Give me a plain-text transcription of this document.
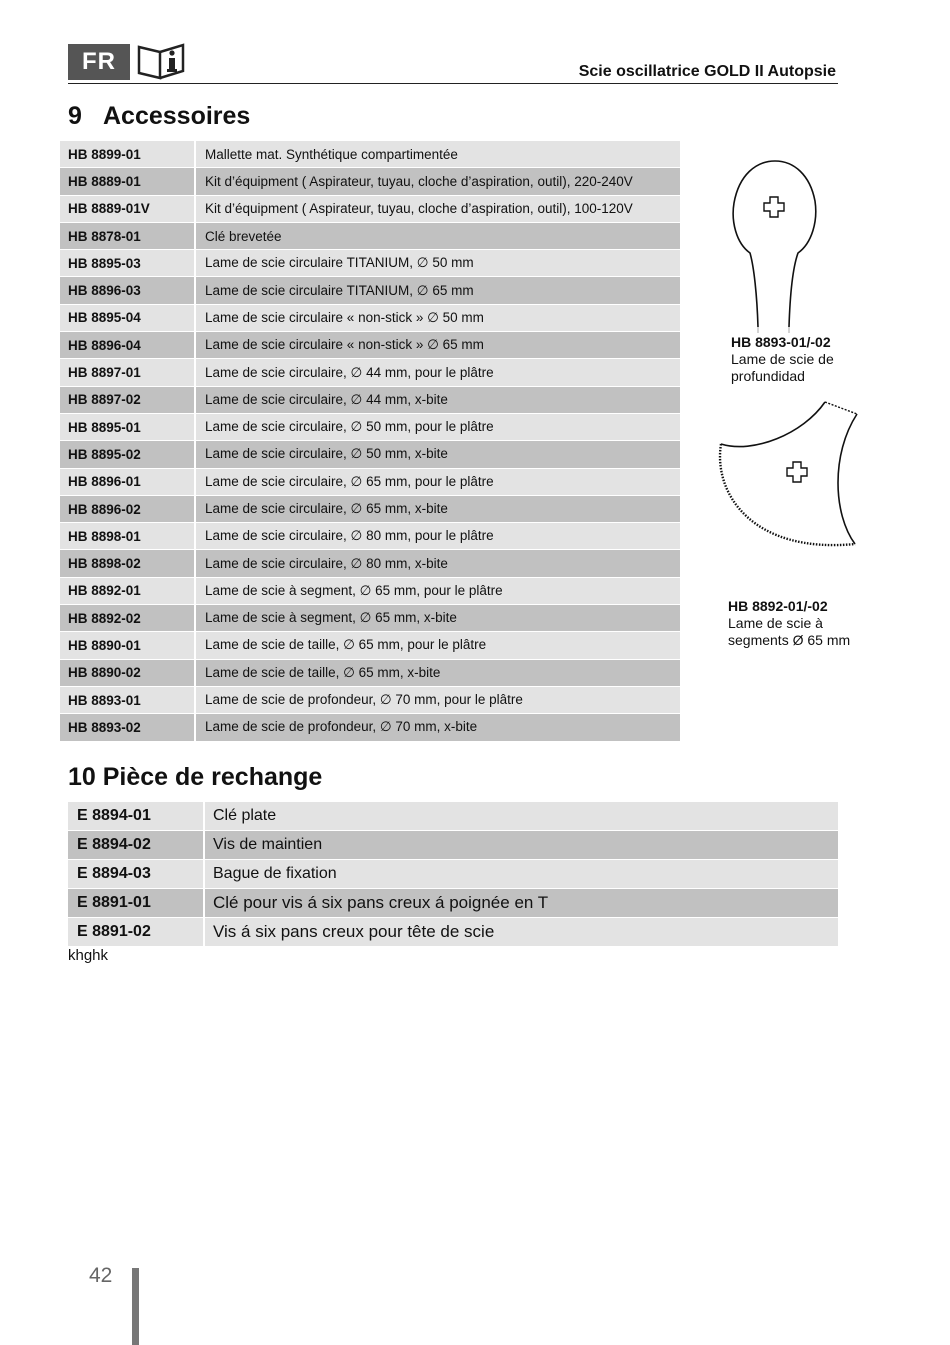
FR	Scie oscillatrice GOLD II Autopsie
9 Accessoires
HB 8899-01	Mallette mat. Synthétique compartimentée
HB 8889-01	Kit d’équipment ( Aspirateur, tuyau, cloche d’aspiration, outil), 220-240V
HB 8889-01V	Kit d’équipment ( Aspirateur, tuyau, cloche d’aspiration, outil), 100-120V
HB 8878-01	Clé brevetée
HB 8895-03	Lame de scie circulaire TITANIUM, ∅ 50 mm
HB 8896-03	Lame de scie circulaire TITANIUM, ∅ 65 mm
HB 8895-04	Lame de scie circulaire « non-stick » ∅ 50 mm
HB 8896-04	Lame de scie circulaire « non-stick » ∅ 65 mm
HB 8897-01	Lame de scie circulaire, ∅ 44 mm, pour le plâtre
HB 8897-02	Lame de scie circulaire, ∅ 44 mm, x-bite
HB 8895-01	Lame de scie circulaire, ∅ 50 mm, pour le plâtre
HB 8895-02	Lame de scie circulaire, ∅ 50 mm, x-bite
HB 8896-01	Lame de scie circulaire, ∅ 65 mm, pour le plâtre
HB 8896-02	Lame de scie circulaire, ∅ 65 mm, x-bite
HB 8898-01	Lame de scie circulaire, ∅ 80 mm, pour le plâtre
HB 8898-02	Lame de scie circulaire, ∅ 80 mm, x-bite
HB 8892-01	Lame de scie à segment, ∅ 65 mm, pour le plâtre
HB 8892-02	Lame de scie à segment, ∅ 65 mm, x-bite
HB 8890-01	Lame de scie de taille, ∅ 65 mm, pour le plâtre
HB 8890-02	Lame de scie de taille, ∅ 65 mm, x-bite
HB 8893-01	Lame de scie de profondeur, ∅ 70 mm, pour le plâtre
HB 8893-02	Lame de scie de profondeur, ∅ 70 mm, x-bite
HB 8893-01/-02
Lame de scie de
profundidad
HB 8892-01/-02
Lame de scie à
segments Ø 65 mm
10 Pièce de rechange
E 8894-01	Clé plate
E 8894-02	Vis de maintien
E 8894-03	Bague de fixation
E 8891-01	Clé pour vis á six pans creux á poignée en T
E 8891-02	Vis á six pans creux pour tête de scie
khghk
42
